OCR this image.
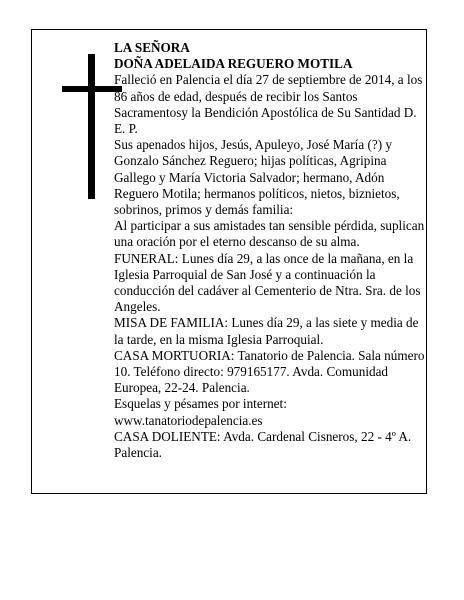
LA SEÑORA

DOÑA ADELAIDA REGUERO MOTILA

Falleció en Palencia el día 27 de septiembre de 2014, a los 86 años de edad, después de recibir los Santos Sacramentosy la Bendición Apostólica de Su Santidad D. E. P.

Sus apenados hijos, Jesús, Apuleyo, José María (?) y Gonzalo Sánchez Reguero; hijas políticas, Agripina Gallego y María Victoria Salvador; hermano, Adón Reguero Motila; hermanos políticos, nietos, biznietos, sobrinos, primos y demás familia:

Al participar a sus amistades tan sensible pérdida, suplican una oración por el eterno descanso de su alma.

FUNERAL: Lunes día 29, a las once de la mañana, en la Iglesia Parroquial de San José y a continuación la conducción del cadáver al Cementerio de Ntra. Sra. de los Angeles.

MISA DE FAMILIA: Lunes día 29, a las siete y media de la tarde, en la misma Iglesia Parroquial.

CASA MORTUORIA: Tanatorio de Palencia. Sala número 10. Teléfono directo: 979165177. Avda. Comunidad Europea, 22-24. Palencia.

Esquelas y pésames por internet: www.tanatoriodepalencia.es

CASA DOLIENTE: Avda. Cardenal Cisneros, 22 - 4º A. Palencia.
